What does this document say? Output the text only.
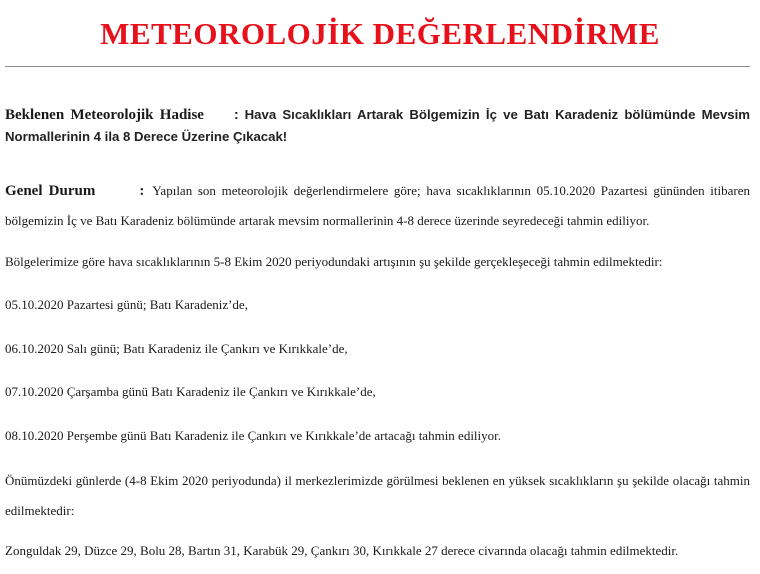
METEOROLOJİK DEĞERLENDİRME
Beklenen Meteorolojik Hadise : Hava Sıcaklıkları Artarak Bölgemizin İç ve Batı Karadeniz bölümünde Mevsim Normallerinin 4 ila 8 Derece Üzerine Çıkacak!
Genel Durum	: Yapılan son meteorolojik değerlendirmelere göre; hava sıcaklıklarının 05.10.2020 Pazartesi gününden itibaren bölgemizin İç ve Batı Karadeniz bölümünde artarak mevsim normallerinin 4-8 derece üzerinde seyredeceği tahmin ediliyor.

Bölgelerimize göre hava sıcaklıklarının 5-8 Ekim 2020 periyodundaki artışının şu şekilde gerçekleşeceği tahmin edilmektedir:

05.10.2020 Pazartesi günü; Batı Karadeniz’de,

06.10.2020 Salı günü; Batı Karadeniz ile Çankırı ve Kırıkkale’de,

07.10.2020 Çarşamba günü Batı Karadeniz ile Çankırı ve Kırıkkale’de,

08.10.2020 Perşembe günü Batı Karadeniz ile Çankırı ve Kırıkkale’de artacağı tahmin ediliyor.

Önümüzdeki günlerde (4-8 Ekim 2020 periyodunda) il merkezlerimizde görülmesi beklenen en yüksek sıcaklıkların şu şekilde olacağı tahmin edilmektedir:

Zonguldak 29, Düzce 29, Bolu 28, Bartın 31, Karabük 29, Çankırı 30, Kırıkkale 27 derece civarında olacağı tahmin edilmektedir.
